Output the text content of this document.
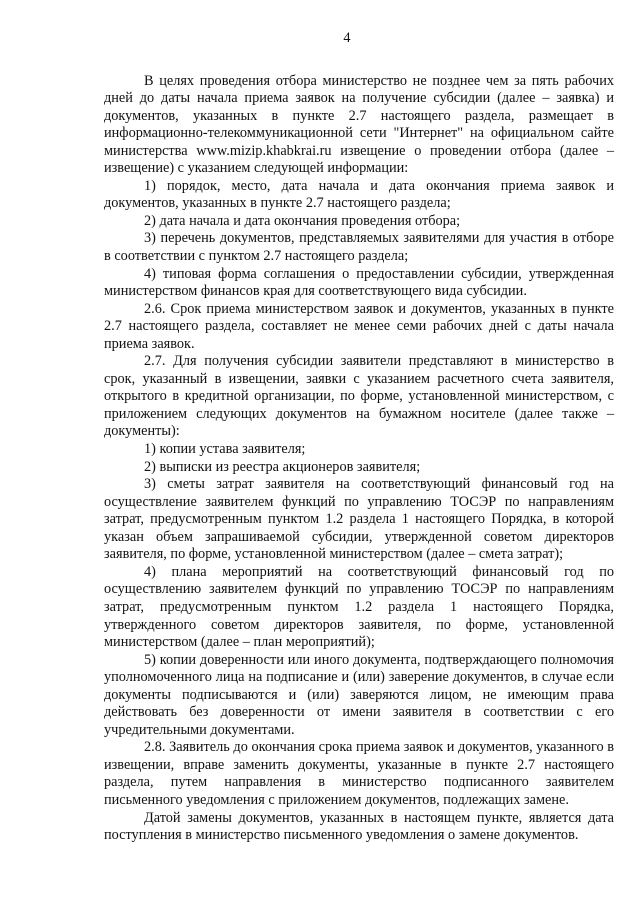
4

В целях проведения отбора министерство не позднее чем за пять рабочих дней до даты начала приема заявок на получение субсидии (далее – заявка) и документов, указанных в пункте 2.7 настоящего раздела, размещает в информационно-телекоммуникационной сети "Интернет" на официальном сайте министерства www.mizip.khabkrai.ru извещение о проведении отбора (далее – извещение) с указанием следующей информации:

1) порядок, место, дата начала и дата окончания приема заявок и документов, указанных в пункте 2.7 настоящего раздела;

2) дата начала и дата окончания проведения отбора;

3) перечень документов, представляемых заявителями для участия в отборе в соответствии с пунктом 2.7 настоящего раздела;

4) типовая форма соглашения о предоставлении субсидии, утвержденная министерством финансов края для соответствующего вида субсидии.

2.6. Срок приема министерством заявок и документов, указанных в пункте 2.7 настоящего раздела, составляет не менее семи рабочих дней с даты начала приема заявок.

2.7. Для получения субсидии заявители представляют в министерство в срок, указанный в извещении, заявки с указанием расчетного счета заявителя, открытого в кредитной организации, по форме, установленной министерством, с приложением следующих документов на бумажном носителе (далее также – документы):

1) копии устава заявителя;

2) выписки из реестра акционеров заявителя;

3) сметы затрат заявителя на соответствующий финансовый год на осуществление заявителем функций по управлению ТОСЭР по направлениям затрат, предусмотренным пунктом 1.2 раздела 1 настоящего Порядка, в которой указан объем запрашиваемой субсидии, утвержденной советом директоров заявителя, по форме, установленной министерством (далее – смета затрат);

4) плана мероприятий на соответствующий финансовый год по осуществлению заявителем функций по управлению ТОСЭР по направлениям затрат, предусмотренным пунктом 1.2 раздела 1 настоящего Порядка, утвержденного советом директоров заявителя, по форме, установленной министерством (далее – план мероприятий);

5) копии доверенности или иного документа, подтверждающего полномочия уполномоченного лица на подписание и (или) заверение документов, в случае если документы подписываются и (или) заверяются лицом, не имеющим права действовать без доверенности от имени заявителя в соответствии с его учредительными документами.

2.8. Заявитель до окончания срока приема заявок и документов, указанного в извещении, вправе заменить документы, указанные в пункте 2.7 настоящего раздела, путем направления в министерство подписанного заявителем письменного уведомления с приложением документов, подлежащих замене.

Датой замены документов, указанных в настоящем пункте, является дата поступления в министерство письменного уведомления о замене документов.
